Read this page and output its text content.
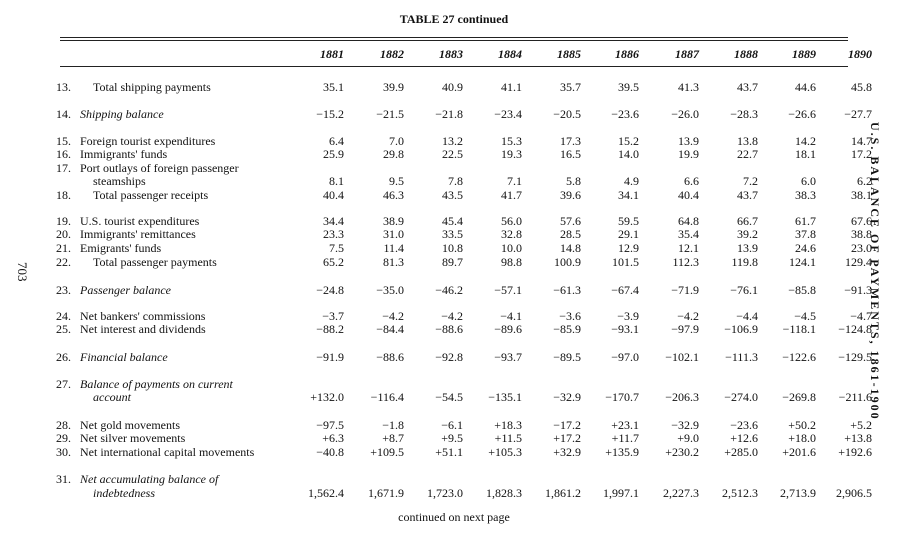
TABLE 27 continued
1881	1882	1883	1884	1885	1886	1887	1888	1889	1890
13.	Total shipping payments	35.1	39.9	40.9	41.1	35.7	39.5	41.3	43.7	44.6	45.8
14. Shipping balance	−15.2	−21.5	−21.8	−23.4	−20.5	−23.6	−26.0	−28.3	−26.6	−27.7
15. Foreign tourist expenditures	6.4	7.0	13.2	15.3	17.3	15.2	13.9	13.8	14.2	14.7
16. Immigrants' funds	25.9	29.8	22.5	19.3	16.5	14.0	19.9	22.7	18.1	17.2
17. Port outlays of foreign passenger
steamships	8.1	9.5	7.8	7.1	5.8	4.9	6.6	7.2	6.0	6.2
18.	Total passenger receipts	40.4	46.3	43.5	41.7	39.6	34.1	40.4	43.7	38.3	38.1
19. U.S. tourist expenditures	34.4	38.9	45.4	56.0	57.6	59.5	64.8	66.7	61.7	67.6
20. Immigrants' remittances	23.3	31.0	33.5	32.8	28.5	29.1	35.4	39.2	37.8	38.8
21. Emigrants' funds	7.5	11.4	10.8	10.0	14.8	12.9	12.1	13.9	24.6	23.0
22.	Total passenger payments	65.2	81.3	89.7	98.8	100.9	101.5	112.3	119.8	124.1	129.4
23. Passenger balance	−24.8	−35.0	−46.2	−57.1	−61.3	−67.4	−71.9	−76.1	−85.8	−91.3
24. Net bankers' commissions	−3.7	−4.2	−4.2	−4.1	−3.6	−3.9	−4.2	−4.4	−4.5	−4.7
25. Net interest and dividends	−88.2	−84.4	−88.6	−89.6	−85.9	−93.1	−97.9	−106.9	−118.1	−124.8
26. Financial balance	−91.9	−88.6	−92.8	−93.7	−89.5	−97.0	−102.1	−111.3	−122.6	−129.5
27. Balance of payments on current
account	+132.0	−116.4	−54.5	−135.1	−32.9	−170.7	−206.3	−274.0	−269.8	−211.6
28. Net gold movements	−97.5	−1.8	−6.1	+18.3	−17.2	+23.1	−32.9	−23.6	+50.2	+5.2
29. Net silver movements	+6.3	+8.7	+9.5	+11.5	+17.2	+11.7	+9.0	+12.6	+18.0	+13.8
30. Net international capital movements	−40.8	+109.5	+51.1	+105.3	+32.9	+135.9	+230.2	+285.0	+201.6	+192.6
31. Net accumulating balance of
indebtedness	1,562.4	1,671.9	1,723.0	1,828.3	1,861.2	1,997.1	2,227.3	2,512.3	2,713.9	2,906.5
continued on next page
703	U.S. BALANCE OF PAYMENTS, 1861-1900
